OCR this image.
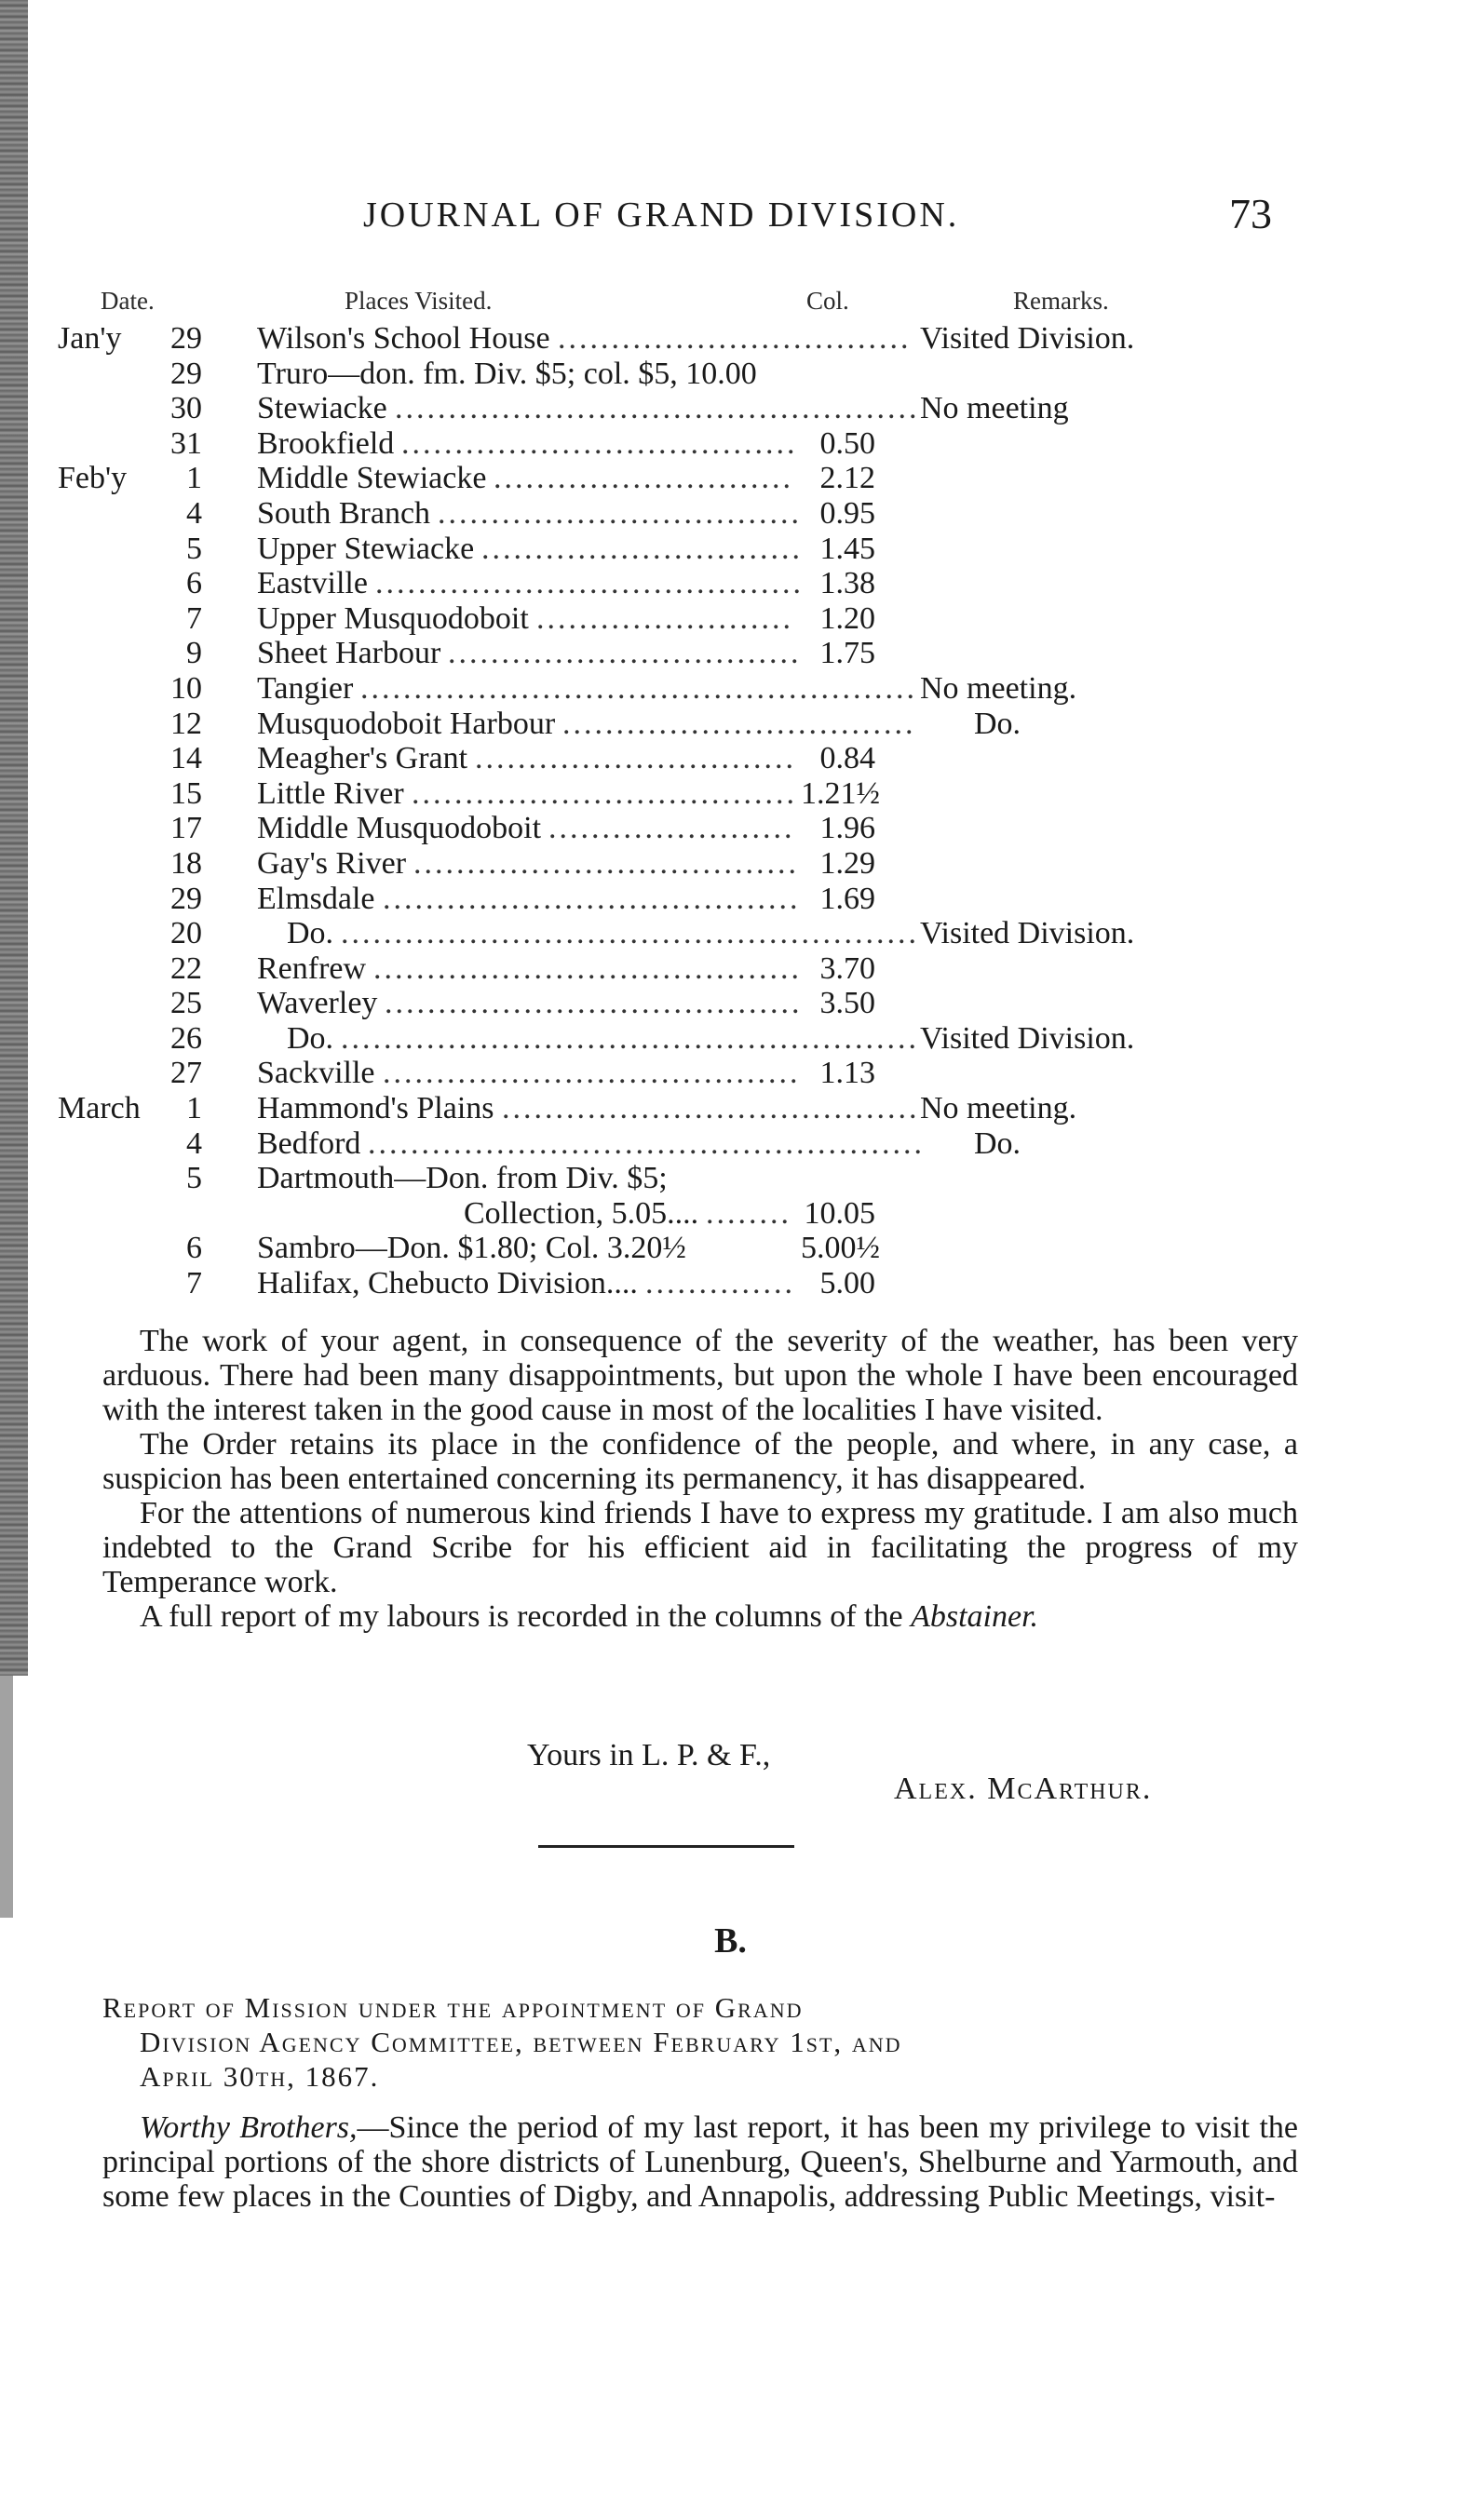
JOURNAL OF GRAND DIVISION.	73
Date.	Places Visited.	Col.	Remarks.
Jan'y	29 Wilson's School House ................................. Visited Division.
29 Truro—don. fm. Div. $5; col. $5, 10.00
30 Stewiacke ................................................. No meeting
31 Brookfield ..................................... 0.50
Feb'y	1 Middle Stewiacke ............................ 2.12
4 South Branch .................................. 0.95
5 Upper Stewiacke .............................. 1.45
6 Eastville ........................................ 1.38
7 Upper Musquodoboit ........................ 1.20
9 Sheet Harbour ................................. 1.75
10 Tangier .................................................... No meeting.
12 Musquodoboit Harbour ................................. Do.
14 Meagher's Grant .............................. 0.84
15 Little River .................................... 1.21½
17 Middle Musquodoboit ....................... 1.96
18 Gay's River .................................... 1.29
29 Elmsdale ....................................... 1.69
20	Do. ...................................................... Visited Division.
22 Renfrew ........................................ 3.70
25 Waverley ....................................... 3.50
26	Do. ...................................................... Visited Division.
27 Sackville ....................................... 1.13
March	1 Hammond's Plains ....................................... No meeting.
4 Bedford .................................................... Do.
5 Dartmouth—Don. from Div. $5;
Collection, 5.05.... ........ 10.05
6 Sambro—Don. $1.80; Col. 3.20½	5.00½
7 Halifax, Chebucto Division.... .............. 5.00

The work of your agent, in consequence of the severity of the weather, has been very arduous. There had been many disappointments, but upon the whole I have been encouraged with the interest taken in the good cause in most of the localities I have visited.

The Order retains its place in the confidence of the people, and where, in any case, a suspicion has been entertained concerning its permanency, it has disappeared.

For the attentions of numerous kind friends I have to express my gratitude. I am also much indebted to the Grand Scribe for his efficient aid in facilitating the progress of my Temperance work.

A full report of my labours is recorded in the columns of the Abstainer.

Yours in L. P. & F.,
Alex. McArthur.
B.
Report of Mission under the appointment of Grand

Division Agency Committee, between February 1st, and
April 30th, 1867.

Worthy Brothers,—Since the period of my last report, it has been my privilege to visit the principal portions of the shore districts of Lunenburg, Queen's, Shelburne and Yarmouth, and some few places in the Counties of Digby, and Annapolis, addressing Public Meetings, visit-
